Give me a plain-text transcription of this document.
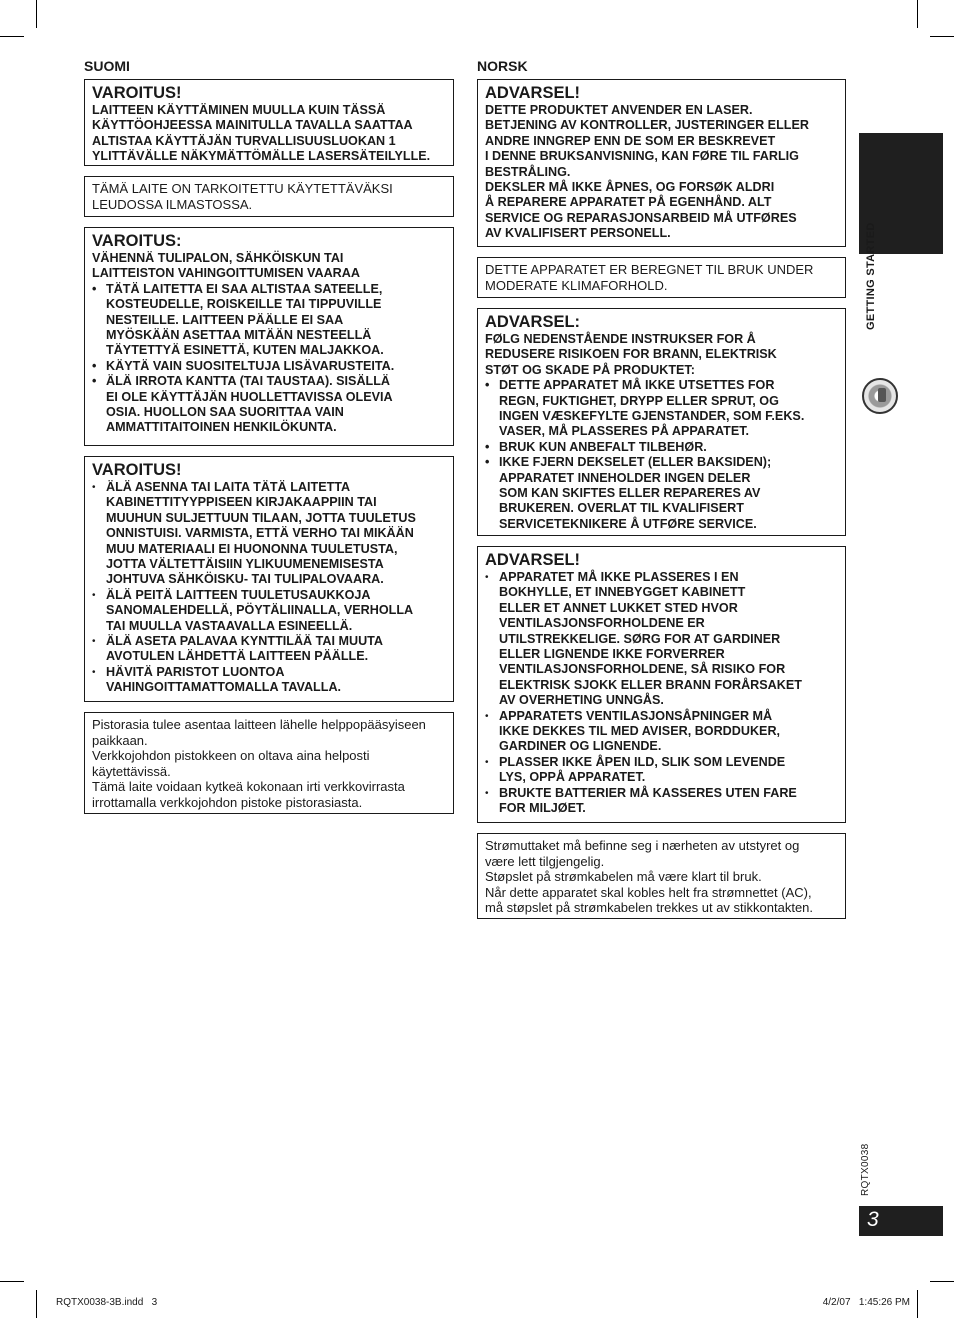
SUOMI
VAROITUS!
LAITTEEN KÄYTTÄMINEN MUULLA KUIN TÄSSÄ
KÄYTTÖOHJEESSA MAINITULLA TAVALLA SAATTAA
ALTISTAA KÄYTTÄJÄN TURVALLISUUSLUOKAN 1
YLITTÄVÄLLE NÄKYMÄTTÖMÄLLE LASERSÄTEILYLLE.
TÄMÄ LAITE ON TARKOITETTU KÄYTETTÄVÄKSI
LEUDOSSA ILMASTOSSA.
VAROITUS:
VÄHENNÄ TULIPALON, SÄHKÖISKUN TAI
LAITTEISTON VAHINGOITTUMISEN VAARAA
• TÄTÄ LAITETTA EI SAA ALTISTAA SATEELLE,
KOSTEUDELLE, ROISKEILLE TAI TIPPUVILLE
NESTEILLE. LAITTEEN PÄÄLLE EI SAA
MYÖSKÄÄN ASETTAA MITÄÄN NESTEELLÄ
TÄYTETTYÄ ESINETTÄ, KUTEN MALJAKKOA.
• KÄYTÄ VAIN SUOSITELTUJA LISÄVARUSTEITA.
• ÄLÄ IRROTA KANTTA (TAI TAUSTAA). SISÄLLÄ
EI OLE KÄYTTÄJÄN HUOLLETTAVISSA OLEVIA
OSIA. HUOLLON SAA SUORITTAA VAIN
AMMATTITAITOINEN HENKILÖKUNTA.
VAROITUS!
• ÄLÄ ASENNA TAI LAITA TÄTÄ LAITETTA
KABINETTITYYPPISEEN KIRJAKAAPPIIN TAI
MUUHUN SULJETTUUN TILAAN, JOTTA TUULETUS
ONNISTUISI. VARMISTA, ETTÄ VERHO TAI MIKÄÄN
MUU MATERIAALI EI HUONONNA TUULETUSTA,
JOTTA VÄLTETTÄISIIN YLIKUUMENEMISESTA
JOHTUVA SÄHKÖISKU- TAI TULIPALOVAARA.
• ÄLÄ PEITÄ LAITTEEN TUULETUSAUKKOJA
SANOMALEHDELLÄ, PÖYTÄLIINALLA, VERHOLLA
TAI MUULLA VASTAAVALLA ESINEELLÄ.
• ÄLÄ ASETA PALAVAA KYNTTILÄÄ TAI MUUTA
AVOTULEN LÄHDETTÄ LAITTEEN PÄÄLLE.
• HÄVITÄ PARISTOT LUONTOA
VAHINGOITTAMATTOMALLA TAVALLA.
Pistorasia tulee asentaa laitteen lähelle helppopääsyiseen
paikkaan.
Verkkojohdon pistokkeen on oltava aina helposti
käytettävissä.
Tämä laite voidaan kytkeä kokonaan irti verkkovirrasta
irrottamalla verkkojohdon pistoke pistorasiasta.
NORSK
ADVARSEL!
DETTE PRODUKTET ANVENDER EN LASER.
BETJENING AV KONTROLLER, JUSTERINGER ELLER
ANDRE INNGREP ENN DE SOM ER BESKREVET
I DENNE BRUKSANVISNING, KAN FØRE TIL FARLIG
BESTRÅLING.
DEKSLER MÅ IKKE ÅPNES, OG FORSØK ALDRI
Å REPARERE APPARATET PÅ EGENHÅND. ALT
SERVICE OG REPARASJONSARBEID MÅ UTFØRES
AV KVALIFISERT PERSONELL.
DETTE APPARATET ER BEREGNET TIL BRUK UNDER
MODERATE KLIMAFORHOLD.
ADVARSEL:
FØLG NEDENSTÅENDE INSTRUKSER FOR Å
REDUSERE RISIKOEN FOR BRANN, ELEKTRISK
STØT OG SKADE PÅ PRODUKTET:
• DETTE APPARATET MÅ IKKE UTSETTES FOR
REGN, FUKTIGHET, DRYPP ELLER SPRUT, OG
INGEN VÆSKEFYLTE GJENSTANDER, SOM F.EKS.
VASER, MÅ PLASSERES PÅ APPARATET.
• BRUK KUN ANBEFALT TILBEHØR.
• IKKE FJERN DEKSELET (ELLER BAKSIDEN);
APPARATET INNEHOLDER INGEN DELER
SOM KAN SKIFTES ELLER REPARERES AV
BRUKEREN. OVERLAT TIL KVALIFISERT
SERVICETEKNIKERE Å UTFØRE SERVICE.
ADVARSEL!
• APPARATET MÅ IKKE PLASSERES I EN
BOKHYLLE, ET INNEBYGGET KABINETT
ELLER ET ANNET LUKKET STED HVOR
VENTILASJONSFORHOLDENE ER
UTILSTREKKELIGE. SØRG FOR AT GARDINER
ELLER LIGNENDE IKKE FORVERRER
VENTILASJONSFORHOLDENE, SÅ RISIKO FOR
ELEKTRISK SJOKK ELLER BRANN FORÅRSAKET
AV OVERHETING UNNGÅS.
• APPARATETS VENTILASJONSÅPNINGER MÅ
IKKE DEKKES TIL MED AVISER, BORDDUKER,
GARDINER OG LIGNENDE.
• PLASSER IKKE ÅPEN ILD, SLIK SOM LEVENDE
LYS, OPPÅ APPARATET.
• BRUKTE BATTERIER MÅ KASSERES UTEN FARE
FOR MILJØET.
Strømuttaket må befinne seg i nærheten av utstyret og
være lett tilgjengelig.
Støpslet på strømkabelen må være klart til bruk.
Når dette apparatet skal kobles helt fra strømnettet (AC),
må støpslet på strømkabelen trekkes ut av stikkontakten.
ENGLISH
GETTING STARTED
RQTX0038
3
RQTX0038-3B.indd   3	4/2/07   1:45:26 PM
